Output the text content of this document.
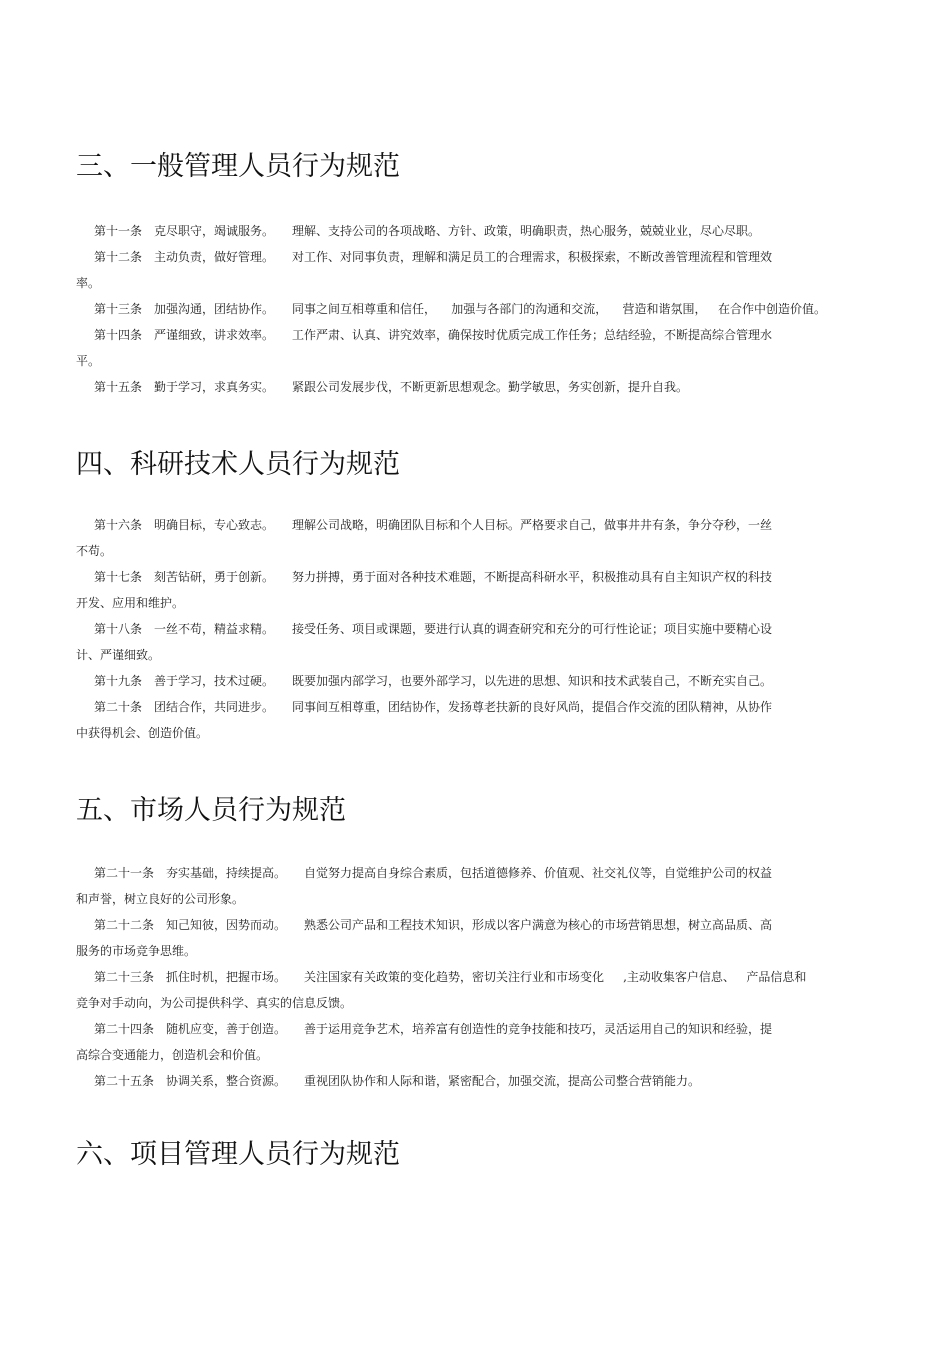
三、一般管理人员行为规范

第十一条 克尽职守，竭诚服务。 理解、支持公司的各项战略、方针、政策，明确职责，热心服务，兢兢业业，尽心尽职。

第十二条 主动负责，做好管理。 对工作、对同事负责，理解和满足员工的合理需求，积极探索，不断改善管理流程和管理效
率。

第十三条 加强沟通，团结协作。 同事之间互相尊重和信任，    加强与各部门的沟通和交流，    营造和谐氛围，   在合作中创造价值。

第十四条 严谨细致，讲求效率。 工作严肃、认真、讲究效率，确保按时优质完成工作任务；总结经验，不断提高综合管理水
平。

第十五条 勤于学习，求真务实。 紧跟公司发展步伐，不断更新思想观念。勤学敏思，务实创新，提升自我。

四、科研技术人员行为规范

第十六条 明确目标，专心致志。 理解公司战略，明确团队目标和个人目标。严格要求自己，做事井井有条，争分夺秒，一丝
不苟。

第十七条 刻苦钻研，勇于创新。 努力拼搏，勇于面对各种技术难题，不断提高科研水平，积极推动具有自主知识产权的科技
开发、应用和维护。

第十八条 一丝不苟，精益求精。 接受任务、项目或课题，要进行认真的调查研究和充分的可行性论证；项目实施中要精心设
计、严谨细致。

第十九条 善于学习，技术过硬。 既要加强内部学习，也要外部学习，以先进的思想、知识和技术武装自己，不断充实自己。

第二十条 团结合作，共同进步。 同事间互相尊重，团结协作，发扬尊老扶新的良好风尚，提倡合作交流的团队精神，从协作
中获得机会、创造价值。

五、市场人员行为规范

第二十一条 夯实基础，持续提高。 自觉努力提高自身综合素质，包括道德修养、价值观、社交礼仪等，自觉维护公司的权益
和声誉，树立良好的公司形象。

第二十二条 知己知彼，因势而动。 熟悉公司产品和工程技术知识，形成以客户满意为核心的市场营销思想，树立高品质、高
服务的市场竞争思维。

第二十三条 抓住时机，把握市场。 关注国家有关政策的变化趋势，密切关注行业和市场变化     ,主动收集客户信息、   产品信息和
竞争对手动向，为公司提供科学、真实的信息反馈。

第二十四条 随机应变，善于创造。 善于运用竞争艺术，培养富有创造性的竞争技能和技巧，灵活运用自己的知识和经验，提
高综合变通能力，创造机会和价值。

第二十五条 协调关系，整合资源。 重视团队协作和人际和谐，紧密配合，加强交流，提高公司整合营销能力。

六、项目管理人员行为规范
